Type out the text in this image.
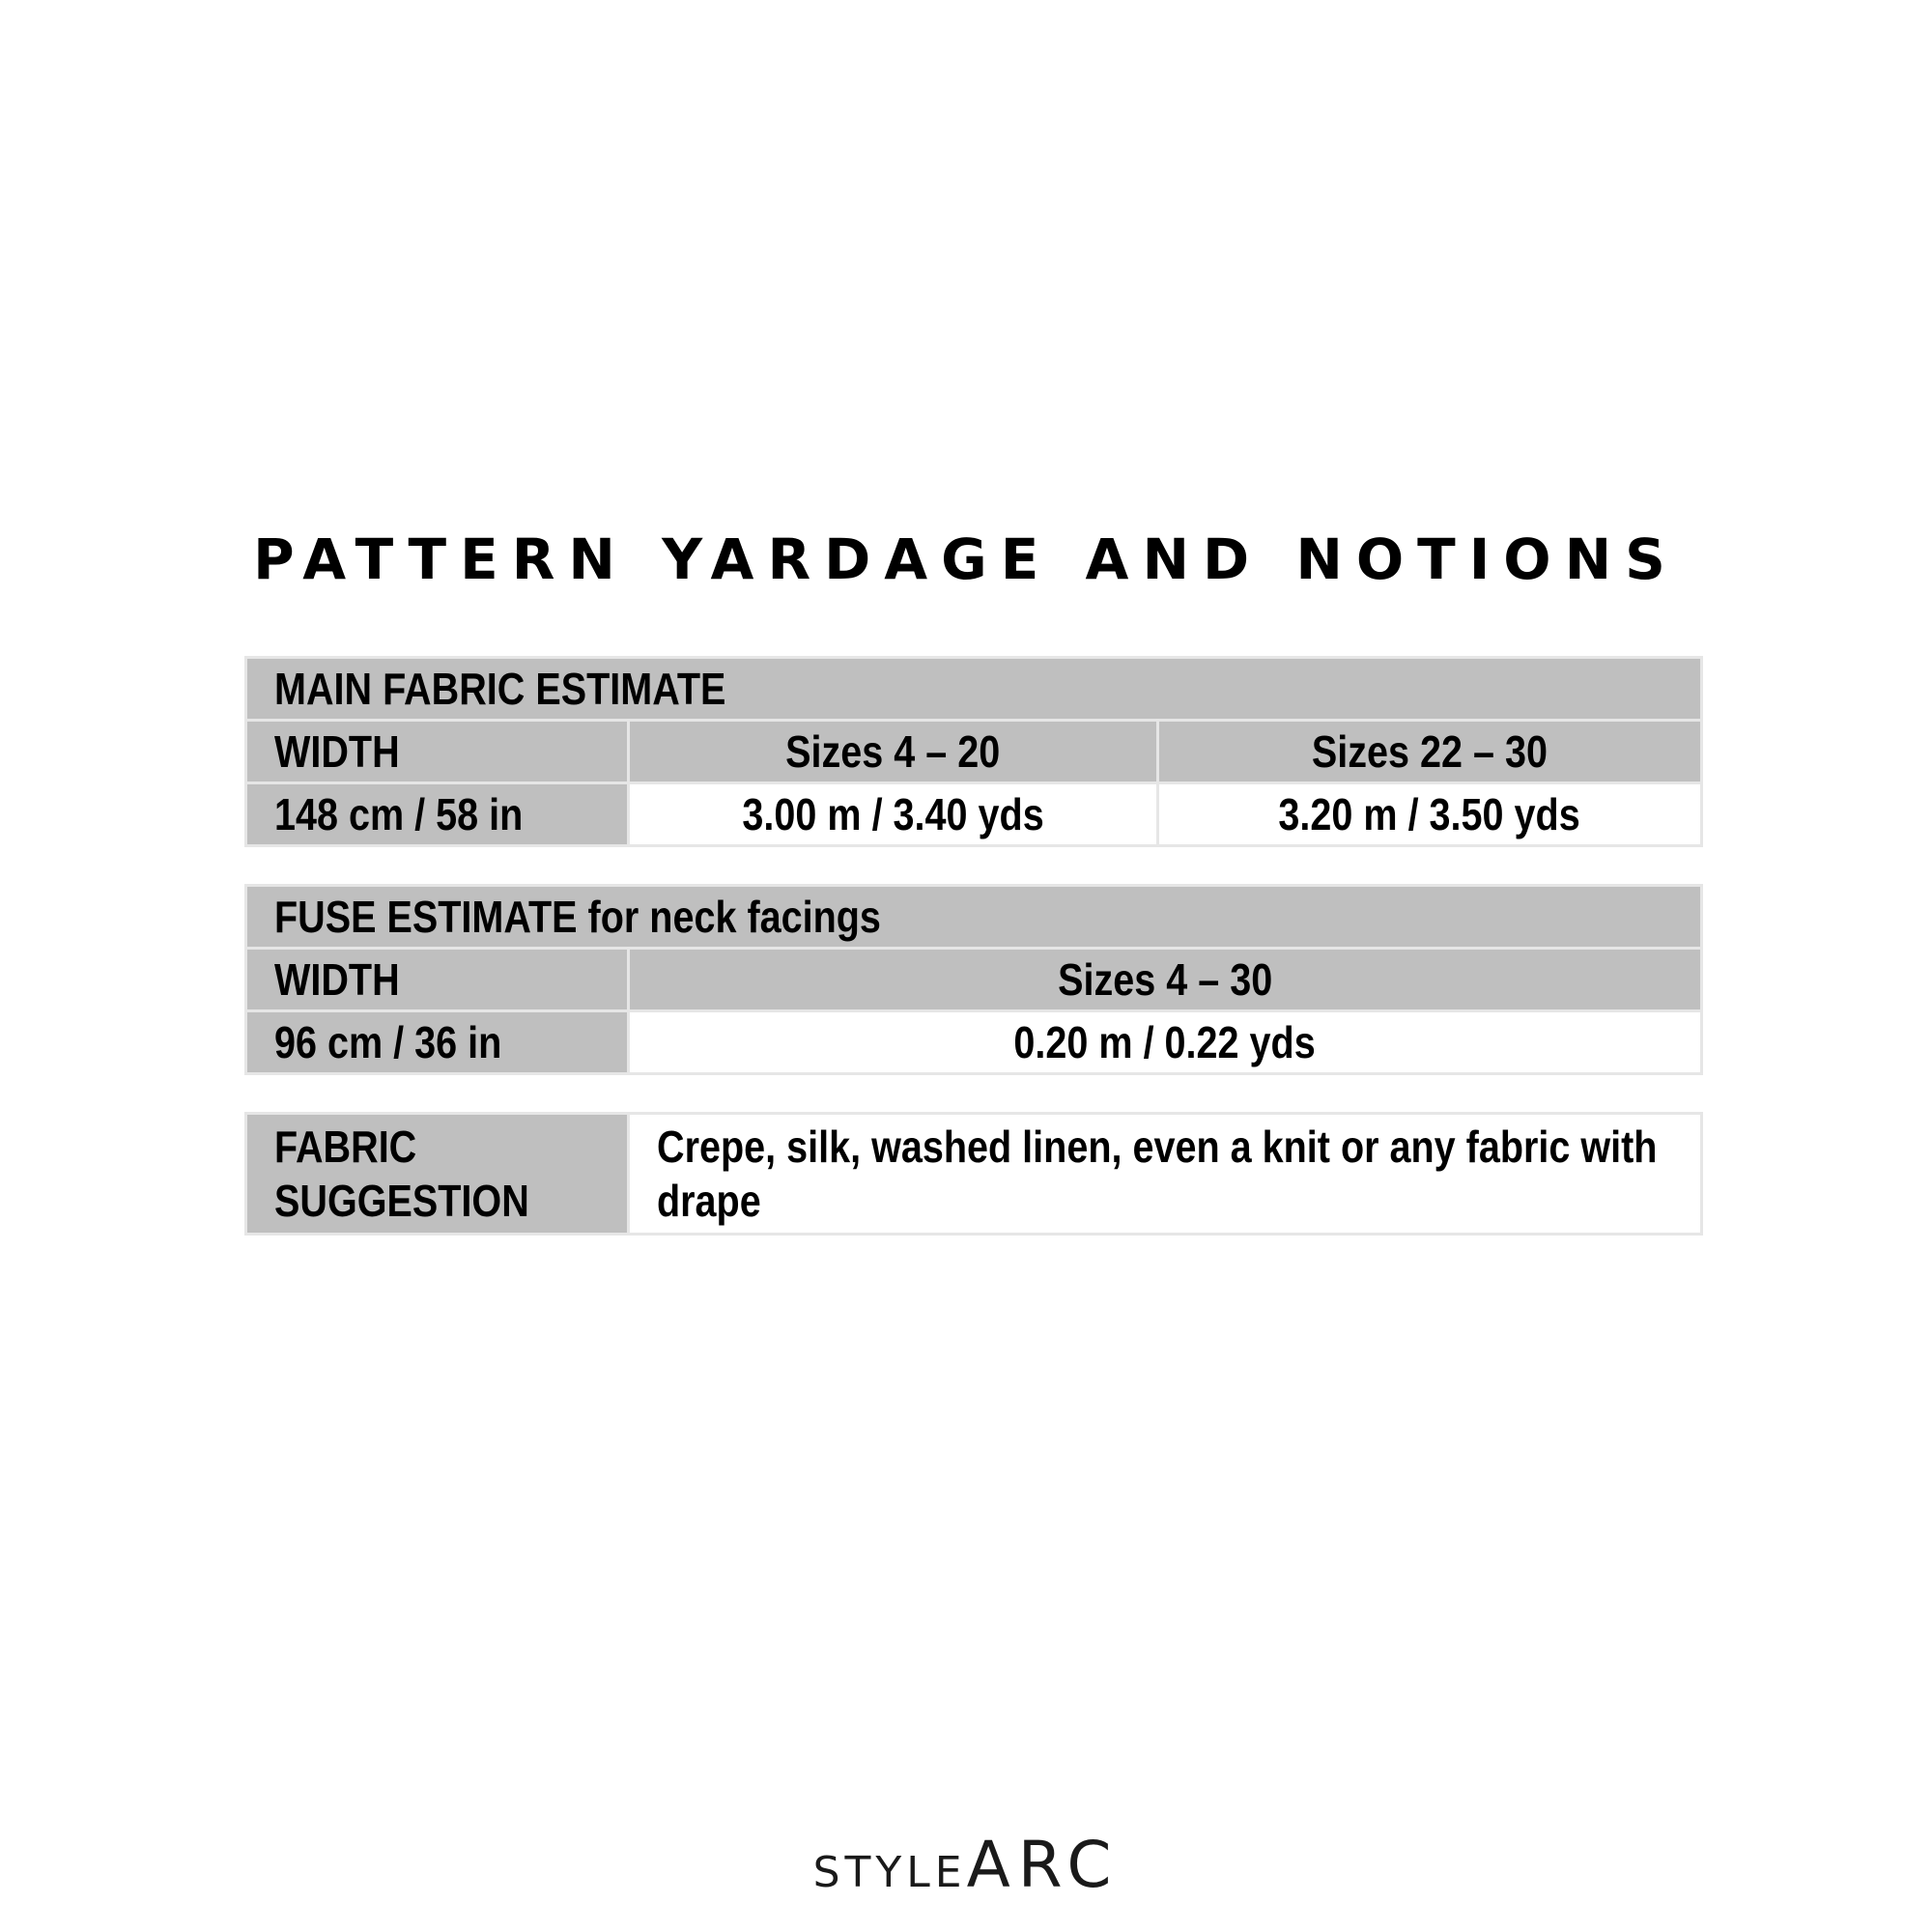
PATTERN YARDAGE AND NOTIONS
MAIN FABRIC ESTIMATE		
WIDTH	Sizes 4 – 20	Sizes 22 – 30
148 cm / 58 in	3.00 m / 3.40 yds	3.20 m / 3.50 yds
FUSE ESTIMATE for neck facings	
WIDTH	Sizes 4 – 30
96 cm / 36 in	0.20 m / 0.22 yds
FABRIC SUGGESTION	Crepe, silk, washed linen, even a knit or any fabric with drape
STYLEARC
